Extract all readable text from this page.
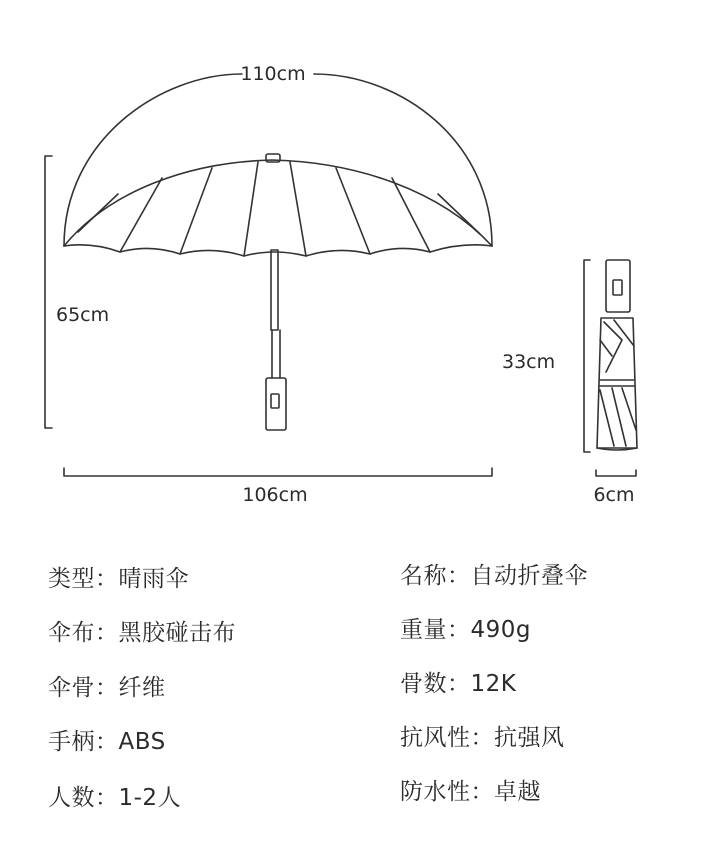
110cm
65cm
106cm
33cm
6cm
类型：晴雨伞
伞布：黑胶碰击布
伞骨：纤维
手柄：ABS
人数：1-2人
名称：自动折叠伞
重量：490g
骨数：12K
抗风性：抗强风
防水性：卓越
